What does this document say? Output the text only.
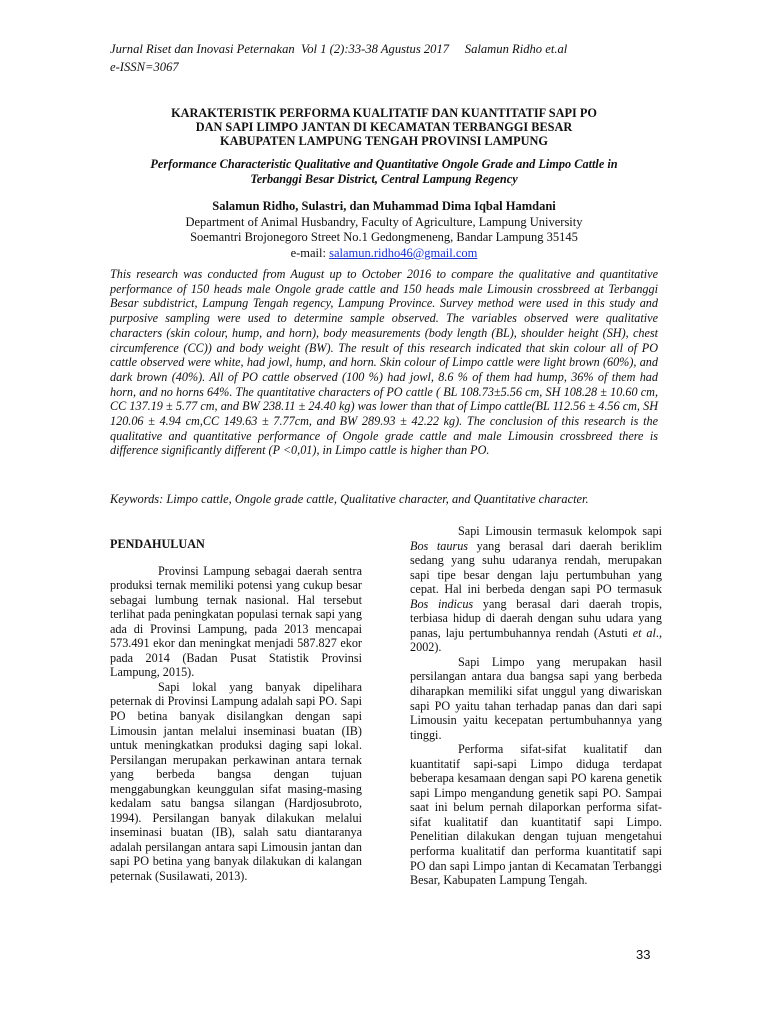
Jurnal Riset dan Inovasi Peternakan  Vol 1 (2):33-38 Agustus 2017     Salamun Ridho et.al
e-ISSN=3067
KARAKTERISTIK PERFORMA KUALITATIF DAN KUANTITATIF SAPI PO
DAN SAPI LIMPO JANTAN DI KECAMATAN TERBANGGI BESAR
KABUPATEN LAMPUNG TENGAH PROVINSI LAMPUNG
Performance Characteristic Qualitative and Quantitative Ongole Grade and Limpo Cattle in
Terbanggi Besar District, Central Lampung Regency
Salamun Ridho, Sulastri, dan Muhammad Dima Iqbal Hamdani
Department of Animal Husbandry, Faculty of Agriculture, Lampung University
Soemantri Brojonegoro Street No.1 Gedongmeneng, Bandar Lampung 35145
e-mail: salamun.ridho46@gmail.com
This research was conducted from August up to October 2016 to compare the qualitative and quantitative performance of 150 heads male Ongole grade cattle and 150 heads male Limousin crossbreed at Terbanggi Besar subdistrict, Lampung Tengah regency, Lampung Province. Survey method were used in this study and purposive sampling were used to determine sample observed. The variables observed were qualitative characters (skin colour, hump, and horn), body measurements (body length (BL), shoulder height (SH), chest circumference (CC)) and body weight (BW). The result of this research indicated that skin colour all of PO cattle observed were white, had jowl, hump, and horn. Skin colour of Limpo cattle were light brown (60%), and dark brown (40%). All of PO cattle observed (100 %) had jowl, 8.6 % of them had hump, 36% of them had horn, and no horns 64%. The quantitative characters of PO cattle ( BL 108.73±5.56 cm, SH 108.28 ± 10.60 cm, CC 137.19 ± 5.77 cm, and BW 238.11 ± 24.40 kg) was lower than that of Limpo cattle(BL 112.56 ± 4.56 cm, SH 120.06 ± 4.94 cm,CC 149.63 ± 7.77cm, and BW 289.93 ± 42.22 kg). The conclusion of this research is the qualitative and quantitative performance of Ongole grade cattle and male Limousin crossbreed there is difference significantly different (P <0,01), in Limpo cattle is higher than PO.
Keywords: Limpo cattle, Ongole grade cattle, Qualitative character, and Quantitative character.
PENDAHULUAN

Provinsi Lampung sebagai daerah sentra produksi ternak memiliki potensi yang cukup besar sebagai lumbung ternak nasional. Hal tersebut terlihat pada peningkatan populasi ternak sapi yang ada di Provinsi Lampung, pada 2013 mencapai 573.491 ekor dan meningkat menjadi 587.827 ekor pada 2014 (Badan Pusat Statistik Provinsi Lampung, 2015).

Sapi lokal yang banyak dipelihara peternak di Provinsi Lampung adalah sapi PO. Sapi PO betina banyak disilangkan dengan sapi Limousin jantan melalui inseminasi buatan (IB) untuk meningkatkan produksi daging sapi lokal. Persilangan merupakan perkawinan antara ternak yang berbeda bangsa dengan tujuan menggabungkan keunggulan sifat masing-masing kedalam satu bangsa silangan (Hardjosubroto, 1994). Persilangan banyak dilakukan melalui inseminasi buatan (IB), salah satu diantaranya adalah persilangan antara sapi Limousin jantan dan sapi PO betina yang banyak dilakukan di kalangan peternak (Susilawati, 2013).

Sapi Limousin termasuk kelompok sapi Bos taurus yang berasal dari daerah beriklim sedang yang suhu udaranya rendah, merupakan sapi tipe besar dengan laju pertumbuhan yang cepat. Hal ini berbeda dengan sapi PO termasuk Bos indicus yang berasal dari daerah tropis, terbiasa hidup di daerah dengan suhu udara yang panas, laju pertumbuhannya rendah (Astuti et al., 2002).

Sapi Limpo yang merupakan hasil persilangan antara dua bangsa sapi yang berbeda diharapkan memiliki sifat unggul yang diwariskan sapi PO yaitu tahan terhadap panas dan dari sapi Limousin yaitu kecepatan pertumbuhannya yang tinggi.

Performa sifat-sifat kualitatif dan kuantitatif sapi-sapi Limpo diduga terdapat beberapa kesamaan dengan sapi PO karena genetik sapi Limpo mengandung genetik sapi PO. Sampai saat ini belum pernah dilaporkan performa sifat-sifat kualitatif dan kuantitatif sapi Limpo. Penelitian dilakukan dengan tujuan mengetahui performa kualitatif dan performa kuantitatif sapi PO dan sapi Limpo jantan di Kecamatan Terbanggi Besar, Kabupaten Lampung Tengah.

33
